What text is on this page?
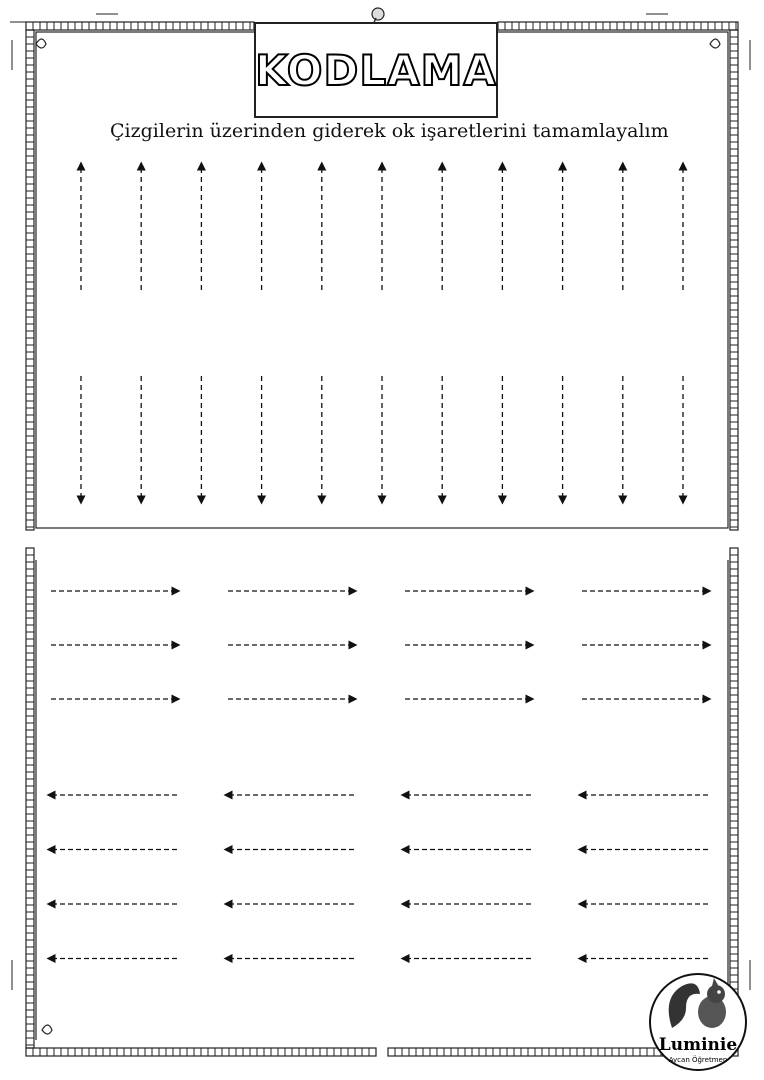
KODLAMA
Çizgilerin üzerinden giderek ok işaretlerini tamamlayalım
Luminie
Aycan Öğretmen
